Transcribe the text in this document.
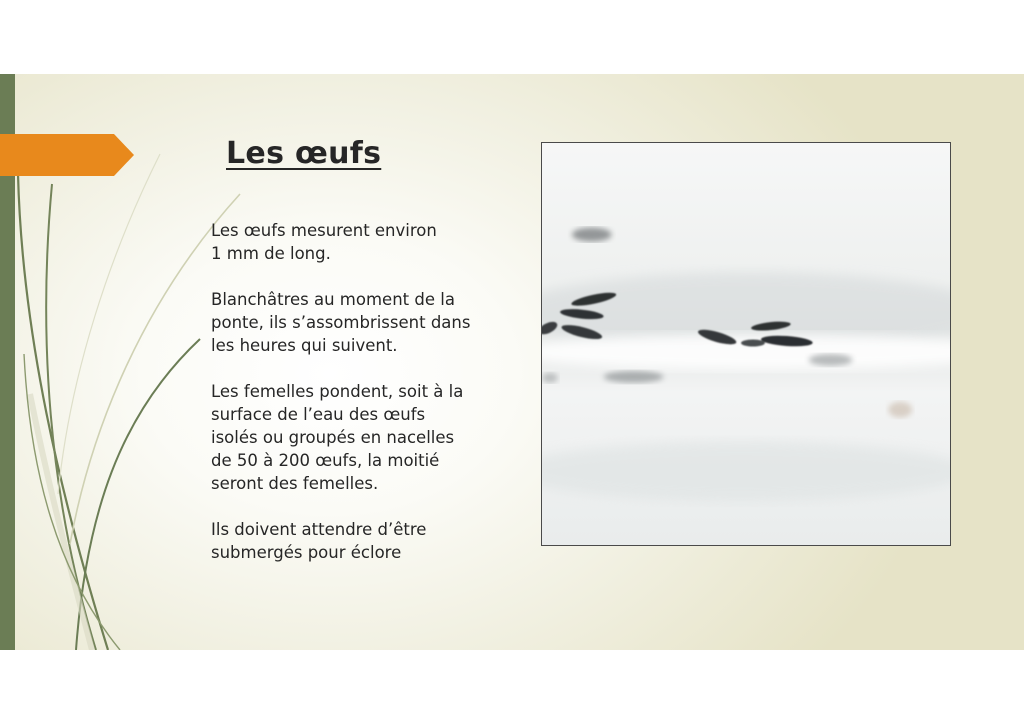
Les œufs

Les œufs mesurent environ
1 mm de long.

Blanchâtres au moment de la
ponte, ils s’assombrissent dans
les heures qui suivent.

Les femelles pondent, soit à la
surface de l’eau des œufs
isolés ou groupés en nacelles
de 50 à 200 œufs, la moitié
seront des femelles.

Ils doivent attendre d’être
submergés pour éclore
